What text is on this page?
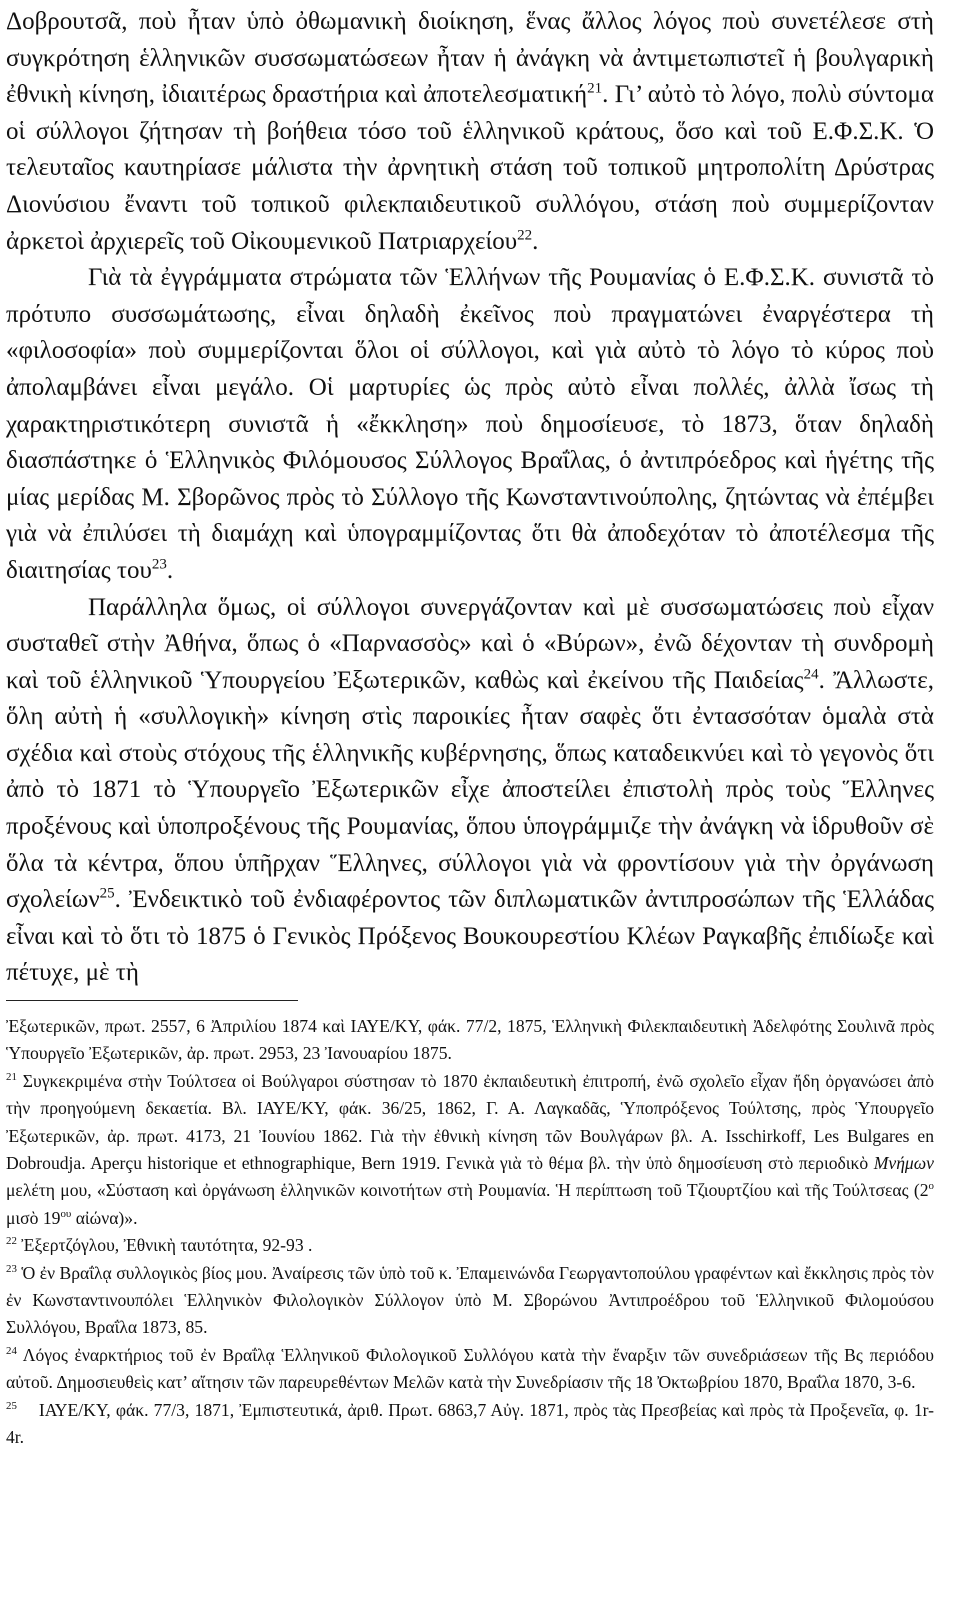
Δοβρουτσᾶ, ποὺ ἦταν ὑπὸ ὀθωμανικὴ διοίκηση, ἕνας ἄλλος λόγος ποὺ συνετέλεσε στὴ συγκρότηση ἑλληνικῶν συσσωματώσεων ἦταν ἡ ἀνάγκη νὰ ἀντιμετωπιστεῖ ἡ βουλγαρικὴ ἐθνικὴ κίνηση, ἰδιαιτέρως δραστήρια καὶ ἀποτελεσματική$^{21}$. Γι’ αὐτὸ τὸ λόγο, πολὺ σύντομα οἱ σύλλογοι ζήτησαν τὴ βοήθεια τόσο τοῦ ἑλληνικοῦ κράτους, ὅσο καὶ τοῦ Ε.Φ.Σ.Κ. Ὁ τελευταῖος καυτηρίασε μάλιστα τὴν ἀρνητικὴ στάση τοῦ τοπικοῦ μητροπολίτη Δρύστρας Διονύσιου ἔναντι τοῦ τοπικοῦ φιλεκπαιδευτικοῦ συλλόγου, στάση ποὺ συμμερίζονταν ἀρκετοὶ ἀρχιερεῖς τοῦ Οἰκουμενικοῦ Πατριαρχείου$^{22}$.

Γιὰ τὰ ἐγγράμματα στρώματα τῶν Ἑλλήνων τῆς Ρουμανίας ὁ Ε.Φ.Σ.Κ. συνιστᾶ τὸ πρότυπο συσσωμάτωσης, εἶναι δηλαδὴ ἐκεῖνος ποὺ πραγματώνει ἐναργέστερα τὴ «φιλοσοφία» ποὺ συμμερίζονται ὅλοι οἱ σύλλογοι, καὶ γιὰ αὐτὸ τὸ λόγο τὸ κύρος ποὺ ἀπολαμβάνει εἶναι μεγάλο. Οἱ μαρτυρίες ὡς πρὸς αὐτὸ εἶναι πολλές, ἀλλὰ ἴσως τὴ χαρακτηριστικότερη συνιστᾶ ἡ «ἔκκληση» ποὺ δημοσίευσε, τὸ 1873, ὅταν δηλαδὴ διασπάστηκε ὁ Ἑλληνικὸς Φιλόμουσος Σύλλογος Βραΐλας, ὁ ἀντιπρόεδρος καὶ ἡγέτης τῆς μίας μερίδας Μ. Σβορῶνος πρὸς τὸ Σύλλογο τῆς Κωνσταντινούπολης, ζητώντας νὰ ἐπέμβει γιὰ νὰ ἐπιλύσει τὴ διαμάχη καὶ ὑπογραμμίζοντας ὅτι θὰ ἀποδεχόταν τὸ ἀποτέλεσμα τῆς διαιτησίας του$^{23}$.

Παράλληλα ὅμως, οἱ σύλλογοι συνεργάζονταν καὶ μὲ συσσωματώσεις ποὺ εἶχαν συσταθεῖ στὴν Ἀθήνα, ὅπως ὁ «Παρνασσὸς» καὶ ὁ «Βύρων», ἐνῶ δέχονταν τὴ συνδρομὴ καὶ τοῦ ἑλληνικοῦ Ὑπουργείου Ἐξωτερικῶν, καθὼς καὶ ἐκείνου τῆς Παιδείας$^{24}$. Ἄλλωστε, ὅλη αὐτὴ ἡ «συλλογικὴ» κίνηση στὶς παροικίες ἦταν σαφὲς ὅτι ἐντασσόταν ὁμαλὰ στὰ σχέδια καὶ στοὺς στόχους τῆς ἑλληνικῆς κυβέρνησης, ὅπως καταδεικνύει καὶ τὸ γεγονὸς ὅτι ἀπὸ τὸ 1871 τὸ Ὑπουργεῖο Ἐξωτερικῶν εἶχε ἀποστείλει ἐπιστολὴ πρὸς τοὺς Ἕλληνες προξένους καὶ ὑποπροξένους τῆς Ρουμανίας, ὅπου ὑπογράμμιζε τὴν ἀνάγκη νὰ ἱδρυθοῦν σὲ ὅλα τὰ κέντρα, ὅπου ὑπῆρχαν Ἕλληνες, σύλλογοι γιὰ νὰ φροντίσουν γιὰ τὴν ὀργάνωση σχολείων$^{25}$. Ἐνδεικτικὸ τοῦ ἐνδιαφέροντος τῶν διπλωματικῶν ἀντιπροσώπων τῆς Ἑλλάδας εἶναι καὶ τὸ ὅτι τὸ 1875 ὁ Γενικὸς Πρόξενος Βουκουρεστίου Κλέων Ραγκαβῆς ἐπιδίωξε καὶ πέτυχε, μὲ τὴ

Ἐξωτερικῶν, πρωτ. 2557, 6 Ἀπριλίου 1874 καὶ ΙΑΥΕ/ΚΥ, φάκ. 77/2, 1875, Ἑλληνικὴ Φιλεκπαιδευτικὴ Ἀδελφότης Σουλινᾶ πρὸς Ὑπουργεῖο Ἐξωτερικῶν, ἀρ. πρωτ. 2953, 23 Ἰανουαρίου 1875.

$^{21}$ Συγκεκριμένα στὴν Τούλτσεα οἱ Βούλγαροι σύστησαν τὸ 1870 ἐκπαιδευτικὴ ἐπιτροπή, ἐνῶ σχολεῖο εἶχαν ἤδη ὀργανώσει ἀπὸ τὴν προηγούμενη δεκαετία. Βλ. ΙΑΥΕ/ΚΥ, φάκ. 36/25, 1862, Γ. Α. Λαγκαδᾶς, Ὑποπρόξενος Τούλτσης, πρὸς Ὑπουργεῖο Ἐξωτερικῶν, ἀρ. πρωτ. 4173, 21 Ἰουνίου 1862. Γιὰ τὴν ἐθνικὴ κίνηση τῶν Βουλγάρων βλ. A. Isschirkoff, Les Bulgares en Dobroudja. Aperçu historique et ethnographique, Bern 1919. Γενικὰ γιὰ τὸ θέμα βλ. τὴν ὑπὸ δημοσίευση στὸ περιοδικὸ Μνήμων μελέτη μου, «Σύσταση καὶ ὀργάνωση ἑλληνικῶν κοινοτήτων στὴ Ρουμανία. Ἡ περίπτωση τοῦ Τζιουρτζίου καὶ τῆς Τούλτσεας ($2^o$ μισὸ $19^{o\upsilon}$ αἰώνα)».

$^{22}$ Ἐξερτζόγλου, Ἐθνικὴ ταυτότητα, 92-93 .

$^{23}$ Ὁ ἐν Βραΐλᾳ συλλογικὸς βίος μου. Ἀναίρεσις τῶν ὑπὸ τοῦ κ. Ἐπαμεινώνδα Γεωργαντοπούλου γραφέντων καὶ ἔκκλησις πρὸς τὸν ἐν Κωνσταντινουπόλει Ἑλληνικὸν Φιλολογικὸν Σύλλογον ὑπὸ Μ. Σβορώνου Ἀντιπροέδρου τοῦ Ἑλληνικοῦ Φιλομούσου Συλλόγου, Βραΐλα 1873, 85.

$^{24}$ Λόγος ἐναρκτήριος τοῦ ἐν Βραΐλᾳ Ἑλληνικοῦ Φιλολογικοῦ Συλλόγου κατὰ τὴν ἔναρξιν τῶν συνεδριάσεων τῆς Βς περιόδου αὐτοῦ. Δημοσιευθεὶς κατ’ αἴτησιν τῶν παρευρεθέντων Μελῶν κατὰ τὴν Συνεδρίασιν τῆς 18 Ὀκτωβρίου 1870, Βραΐλα 1870, 3-6.

$^{25}$ ΙΑΥΕ/ΚΥ, φάκ. 77/3, 1871, Ἐμπιστευτικά, ἀριθ. Πρωτ. 6863,7 Αὐγ. 1871, πρὸς τὰς Πρεσβείας καὶ πρὸς τὰ Προξενεῖα, φ. 1r-4r.
